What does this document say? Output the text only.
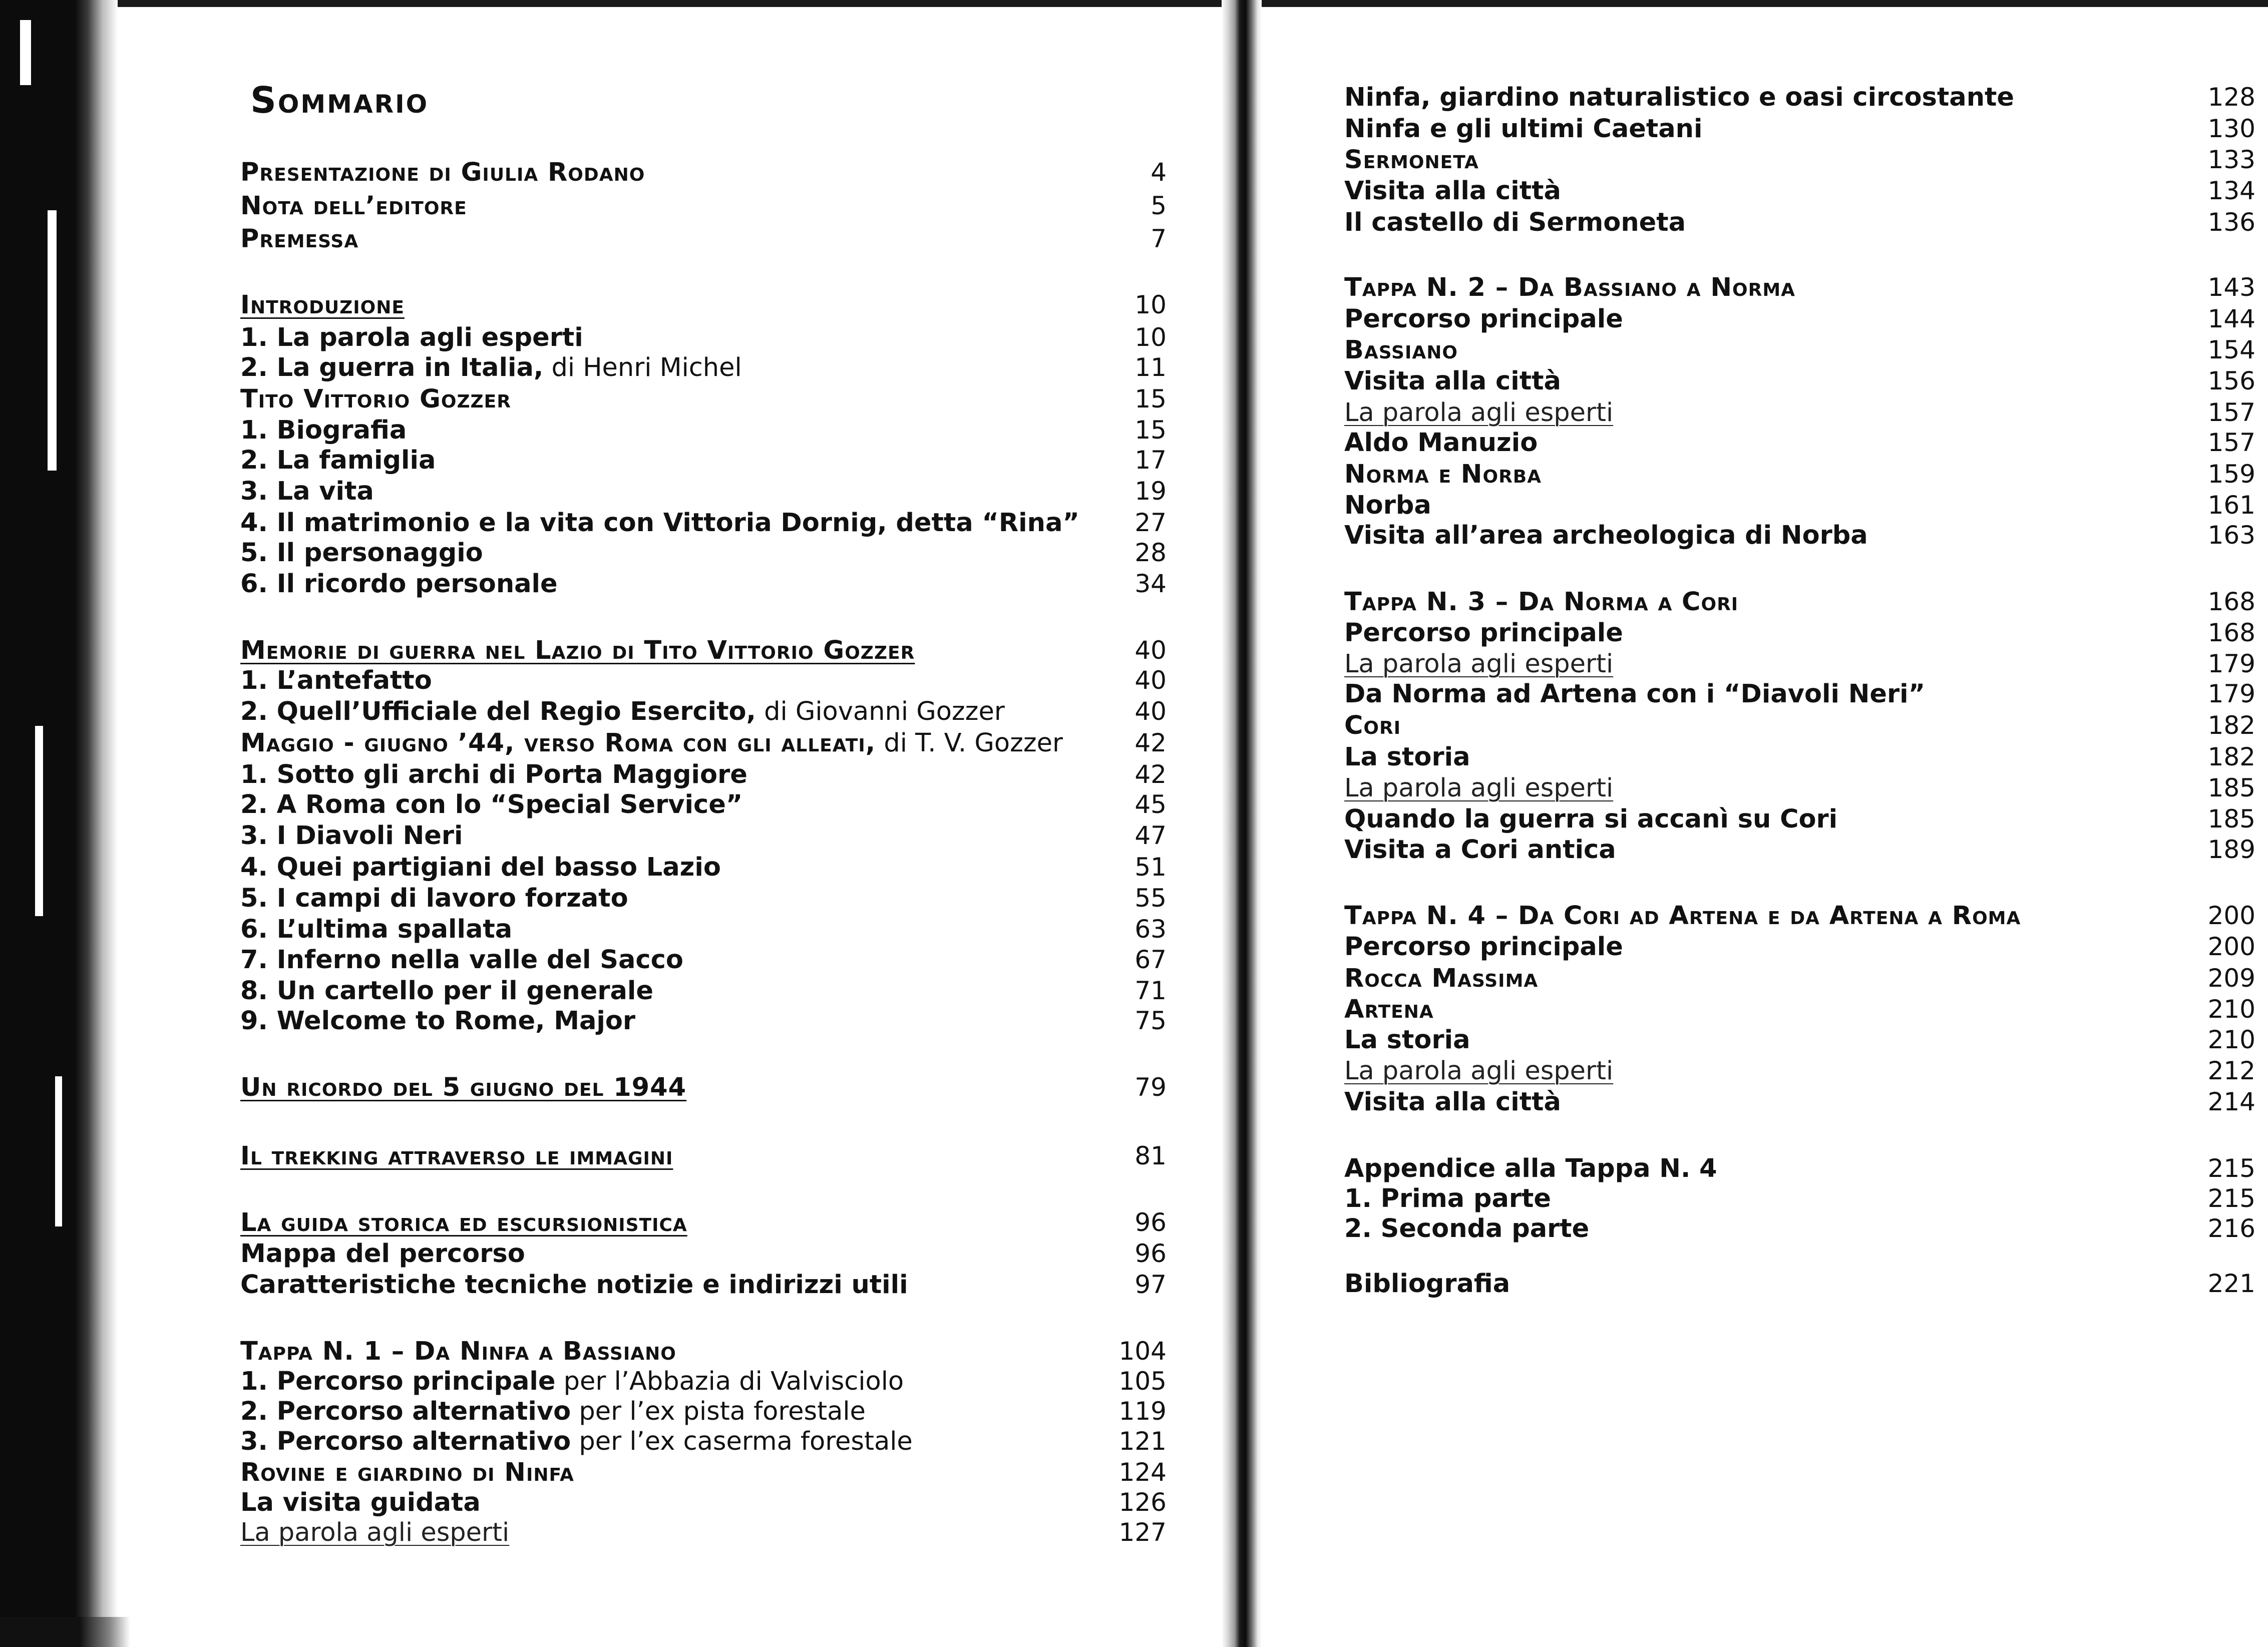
Sommario
Presentazione di Giulia Rodano	4
Nota dell’editore	5
Premessa	7
Introduzione	10
1. La parola agli esperti	10
2. La guerra in Italia, di Henri Michel	11
Tito Vittorio Gozzer	15
1. Biografia	15
2. La famiglia	17
3. La vita	19
4. Il matrimonio e la vita con Vittoria Dornig, detta “Rina”	27
5. Il personaggio	28
6. Il ricordo personale	34
Memorie di guerra nel Lazio di Tito Vittorio Gozzer	40
1. L’antefatto	40
2. Quell’Ufficiale del Regio Esercito, di Giovanni Gozzer	40
Maggio - giugno ’44, verso Roma con gli alleati, di T. V. Gozzer	42
1. Sotto gli archi di Porta Maggiore	42
2. A Roma con lo “Special Service”	45
3. I Diavoli Neri	47
4. Quei partigiani del basso Lazio	51
5. I campi di lavoro forzato	55
6. L’ultima spallata	63
7. Inferno nella valle del Sacco	67
8. Un cartello per il generale	71
9. Welcome to Rome, Major	75
Un ricordo del 5 giugno del 1944	79
Il trekking attraverso le immagini	81
La guida storica ed escursionistica	96
Mappa del percorso	96
Caratteristiche tecniche notizie e indirizzi utili	97
Tappa N. 1 – Da Ninfa a Bassiano	104
1. Percorso principale per l’Abbazia di Valvisciolo	105
2. Percorso alternativo per l’ex pista forestale	119
3. Percorso alternativo per l’ex caserma forestale	121
Rovine e giardino di Ninfa	124
La visita guidata	126
La parola agli esperti	127
Ninfa, giardino naturalistico e oasi circostante	128
Ninfa e gli ultimi Caetani	130
Sermoneta	133
Visita alla città	134
Il castello di Sermoneta	136
Tappa N. 2 – Da Bassiano a Norma	143
Percorso principale	144
Bassiano	154
Visita alla città	156
La parola agli esperti	157
Aldo Manuzio	157
Norma e Norba	159
Norba	161
Visita all’area archeologica di Norba	163
Tappa N. 3 – Da Norma a Cori	168
Percorso principale	168
La parola agli esperti	179
Da Norma ad Artena con i “Diavoli Neri”	179
Cori	182
La storia	182
La parola agli esperti	185
Quando la guerra si accanì su Cori	185
Visita a Cori antica	189
Tappa N. 4 – Da Cori ad Artena e da Artena a Roma	200
Percorso principale	200
Rocca Massima	209
Artena	210
La storia	210
La parola agli esperti	212
Visita alla città	214
Appendice alla Tappa N. 4	215
1. Prima parte	215
2. Seconda parte	216
Bibliografia	221
